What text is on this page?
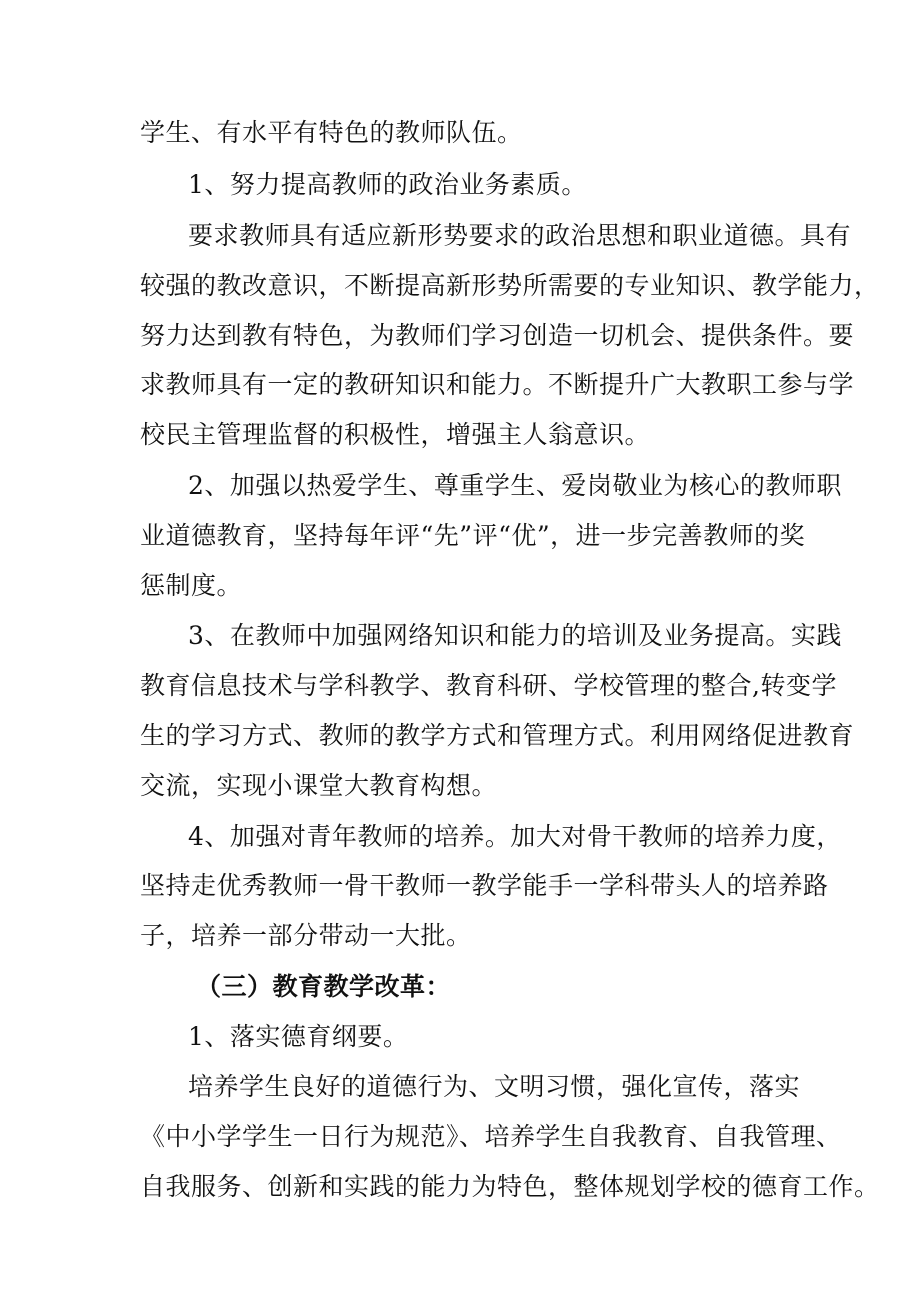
学生、有水平有特色的教师队伍。
1、努力提高教师的政治业务素质。
要求教师具有适应新形势要求的政治思想和职业道德。具有
较强的教改意识，不断提高新形势所需要的专业知识、教学能力，
努力达到教有特色，为教师们学习创造一切机会、提供条件。要
求教师具有一定的教研知识和能力。不断提升广大教职工参与学
校民主管理监督的积极性，增强主人翁意识。
2、加强以热爱学生、尊重学生、爱岗敬业为核心的教师职
业道德教育，坚持每年评“先”评“优”，进一步完善教师的奖
惩制度。
3、在教师中加强网络知识和能力的培训及业务提高。实践
教育信息技术与学科教学、教育科研、学校管理的整合,转变学
生的学习方式、教师的教学方式和管理方式。利用网络促进教育
交流，实现小课堂大教育构想。
4、加强对青年教师的培养。加大对骨干教师的培养力度，
坚持走优秀教师一骨干教师一教学能手一学科带头人的培养路
子，培养一部分带动一大批。
（三）教育教学改革：
1、落实德育纲要。
培养学生良好的道德行为、文明习惯，强化宣传，落实
《中小学学生一日行为规范》、培养学生自我教育、自我管理、
自我服务、创新和实践的能力为特色，整体规划学校的德育工作。
